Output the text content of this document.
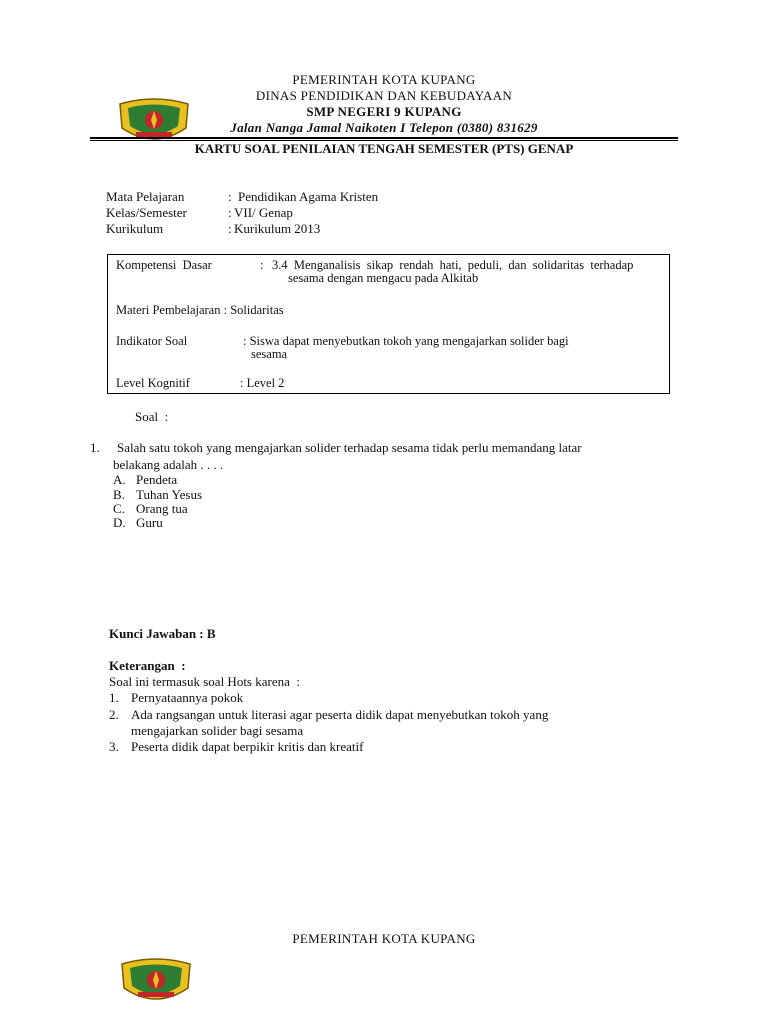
PEMERINTAH KOTA KUPANG
DINAS PENDIDIKAN DAN KEBUDAYAAN
SMP NEGERI 9 KUPANG
Jalan Nanga Jamal Naikoten I Telepon (0380) 831629
KARTU SOAL PENILAIAN TENGAH SEMESTER (PTS) GENAP
Mata Pelajaran	: Pendidikan Agama Kristen
Kelas/Semester	: VII/ Genap
Kurikulum	: Kurikulum 2013
Kompetensi  Dasar	: 3.4  Menganalisis  sikap  rendah  hati,  peduli,  dan  solidaritas  terhadap
sesama dengan mengacu pada Alkitab
Materi Pembelajaran : Solidaritas
Indikator Soal	: Siswa dapat menyebutkan tokoh yang mengajarkan solider bagi
sesama
Level Kognitif	: Level 2
Soal  :
1. Salah satu tokoh yang mengajarkan solider terhadap sesama tidak perlu memandang latar
belakang adalah . . . .
A. Pendeta
B. Tuhan Yesus
C. Orang tua
D. Guru
Kunci Jawaban : B
Keterangan  :
Soal ini termasuk soal Hots karena  :
1. Pernyataannya pokok
2. Ada rangsangan untuk literasi agar peserta didik dapat menyebutkan tokoh yang
mengajarkan solider bagi sesama
3. Peserta didik dapat berpikir kritis dan kreatif

PEMERINTAH KOTA KUPANG
